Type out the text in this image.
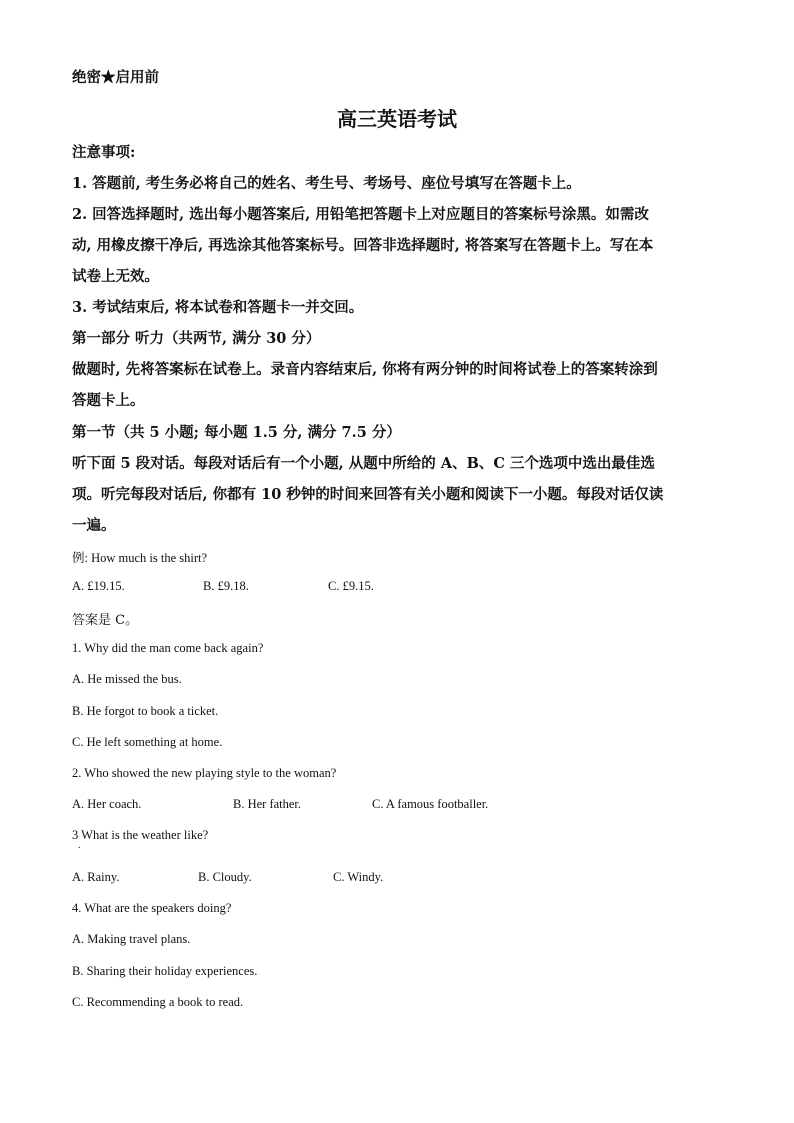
绝密★启用前
高三英语考试
注意事项:
1. 答题前, 考生务必将自己的姓名、考生号、考场号、座位号填写在答题卡上。
2. 回答选择题时, 选出每小题答案后, 用铅笔把答题卡上对应题目的答案标号涂黑。如需改
动, 用橡皮擦干净后, 再选涂其他答案标号。回答非选择题时, 将答案写在答题卡上。写在本
试卷上无效。
3. 考试结束后, 将本试卷和答题卡一并交回。
第一部分 听力（共两节, 满分 30 分）
做题时, 先将答案标在试卷上。录音内容结束后, 你将有两分钟的时间将试卷上的答案转涂到
答题卡上。
第一节（共 5 小题; 每小题 1.5 分, 满分 7.5 分）
听下面 5 段对话。每段对话后有一个小题, 从题中所给的 A、B、C 三个选项中选出最佳选
项。听完每段对话后, 你都有 10 秒钟的时间来回答有关小题和阅读下一小题。每段对话仅读
一遍。
例: How much is the shirt?
A. £19.15.	B. £9.18.	C. £9.15.
答案是 C。
1. Why did the man come back again?
A. He missed the bus.
B. He forgot to book a ticket.
C. He left something at home.
2. Who showed the new playing style to the woman?
A. Her coach.	B. Her father.	C. A famous footballer.
3 What is the weather like?
.
A. Rainy.	B. Cloudy.	C. Windy.
4. What are the speakers doing?
A. Making travel plans.
B. Sharing their holiday experiences.
C. Recommending a book to read.
